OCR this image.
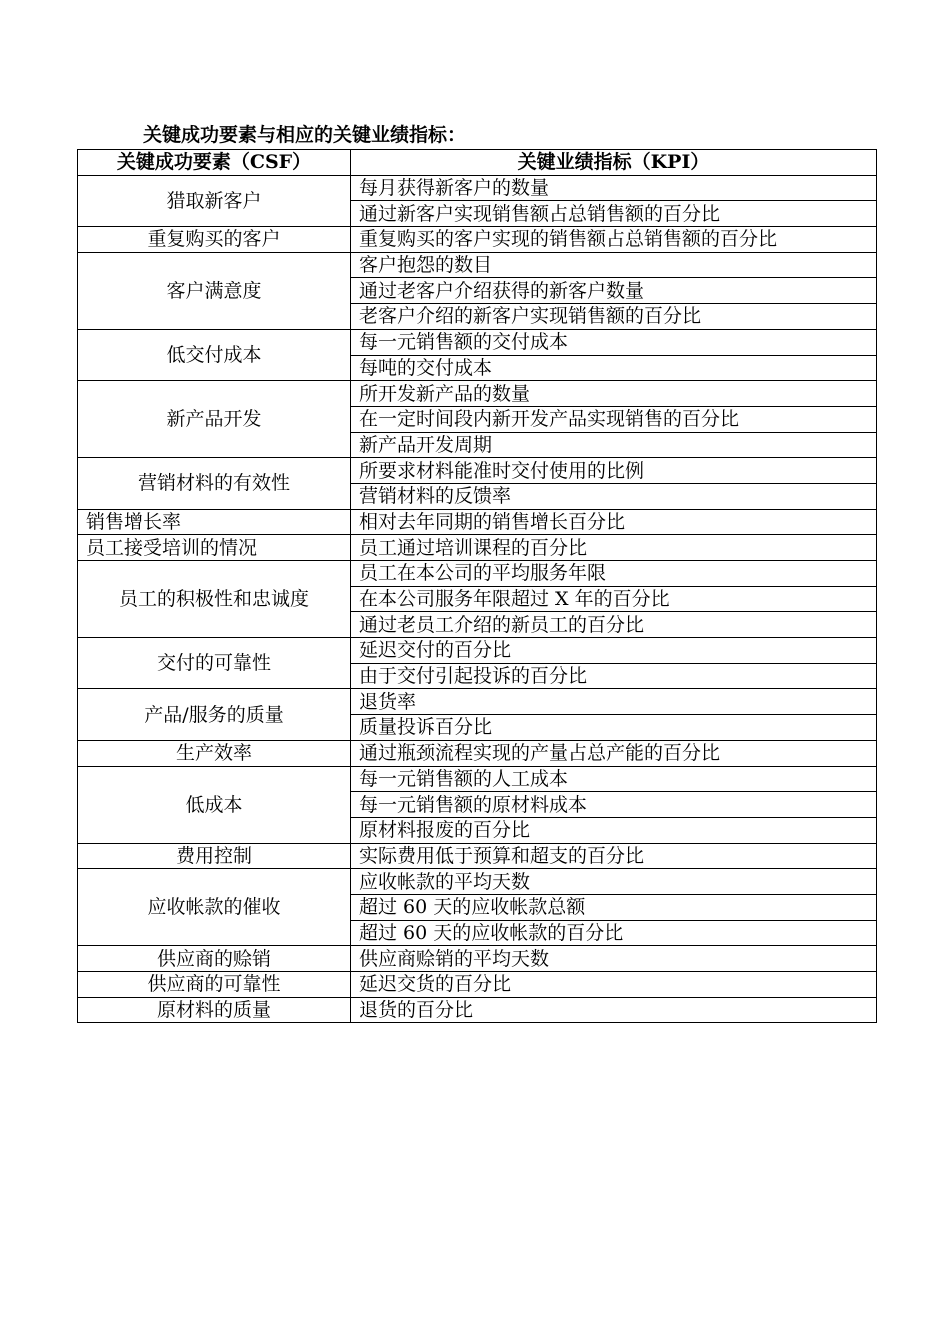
关键成功要素与相应的关键业绩指标：
关键成功要素（CSF）	关键业绩指标（KPI）
猎取新客户	每月获得新客户的数量
	通过新客户实现销售额占总销售额的百分比
重复购买的客户	重复购买的客户实现的销售额占总销售额的百分比
客户满意度	客户抱怨的数目
	通过老客户介绍获得的新客户数量
	老客户介绍的新客户实现销售额的百分比
低交付成本	每一元销售额的交付成本
	每吨的交付成本
新产品开发	所开发新产品的数量
	在一定时间段内新开发产品实现销售的百分比
	新产品开发周期
营销材料的有效性	所要求材料能准时交付使用的比例
	营销材料的反馈率
销售增长率	相对去年同期的销售增长百分比
员工接受培训的情况	员工通过培训课程的百分比
员工的积极性和忠诚度	员工在本公司的平均服务年限
	在本公司服务年限超过 X 年的百分比
	通过老员工介绍的新员工的百分比
交付的可靠性	延迟交付的百分比
	由于交付引起投诉的百分比
产品/服务的质量	退货率
	质量投诉百分比
生产效率	通过瓶颈流程实现的产量占总产能的百分比
低成本	每一元销售额的人工成本
	每一元销售额的原材料成本
	原材料报废的百分比
费用控制	实际费用低于预算和超支的百分比
应收帐款的催收	应收帐款的平均天数
	超过 60 天的应收帐款总额
	超过 60 天的应收帐款的百分比
供应商的赊销	供应商赊销的平均天数
供应商的可靠性	延迟交货的百分比
原材料的质量	退货的百分比
